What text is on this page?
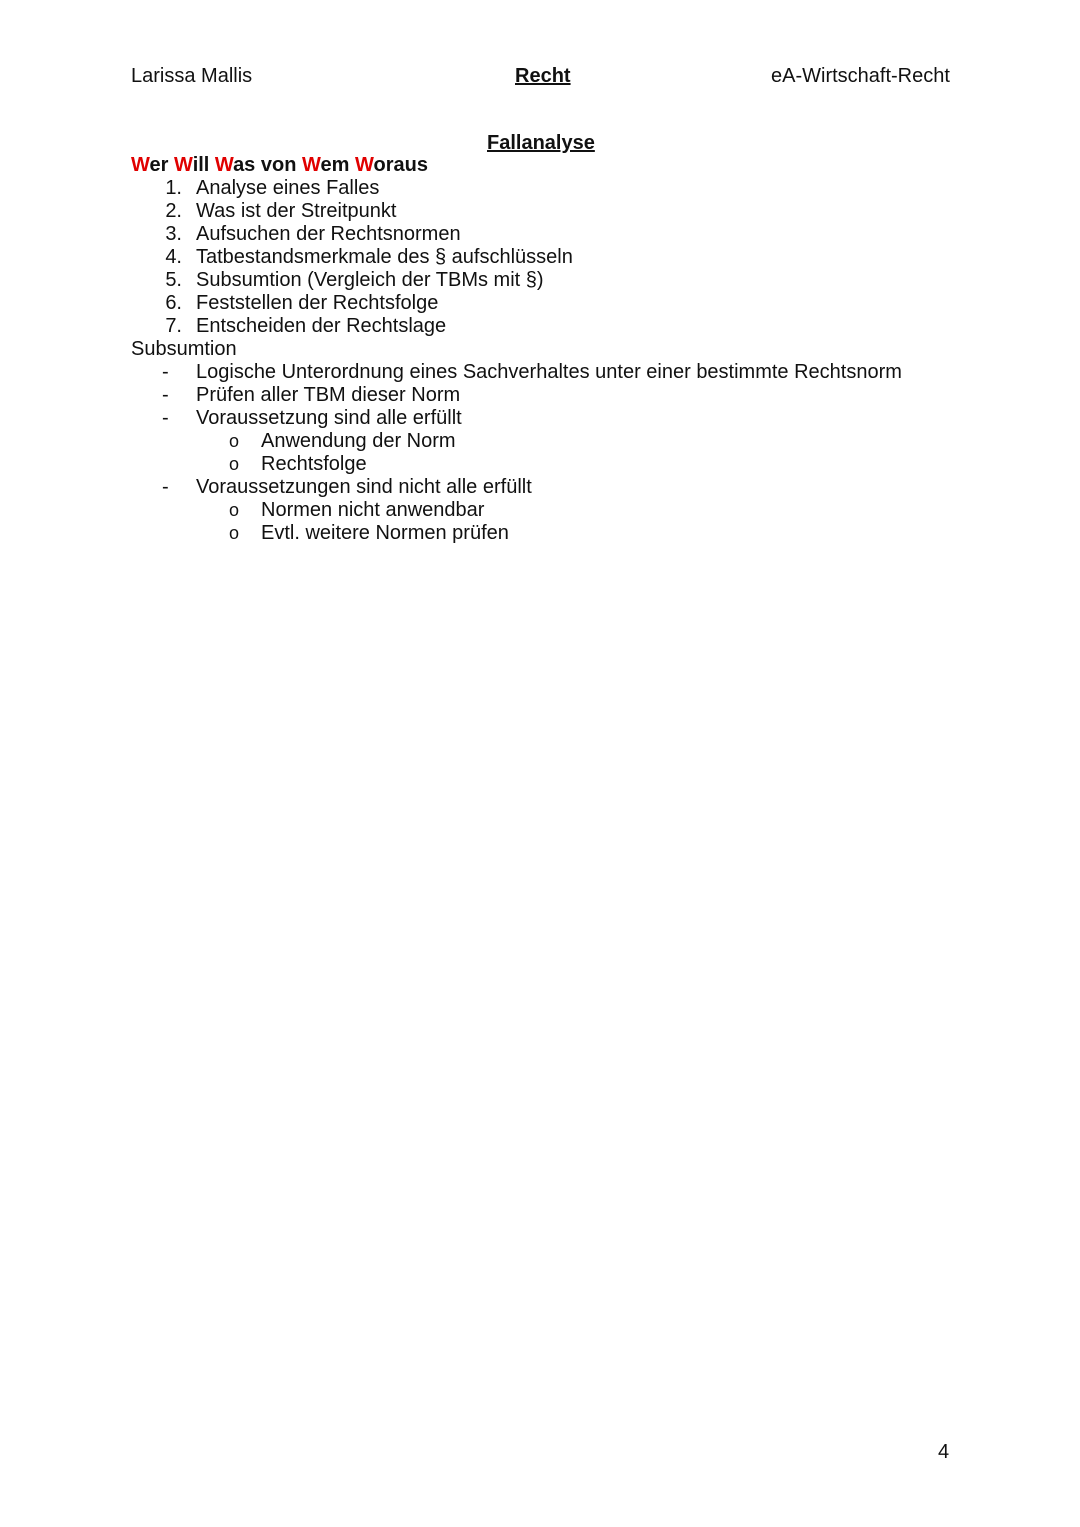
Larissa Mallis	Recht	eA-Wirtschaft-Recht
Fallanalyse
Wer Will Was von Wem Woraus
1. Analyse eines Falles
2. Was ist der Streitpunkt
3. Aufsuchen der Rechtsnormen
4. Tatbestandsmerkmale des § aufschlüsseln
5. Subsumtion (Vergleich der TBMs mit §)
6. Feststellen der Rechtsfolge
7. Entscheiden der Rechtslage
Subsumtion
- Logische Unterordnung eines Sachverhaltes unter einer bestimmte Rechtsnorm
- Prüfen aller TBM dieser Norm
- Voraussetzung sind alle erfüllt
o Anwendung der Norm
o Rechtsfolge
- Voraussetzungen sind nicht alle erfüllt
o Normen nicht anwendbar
o Evtl. weitere Normen prüfen
4
